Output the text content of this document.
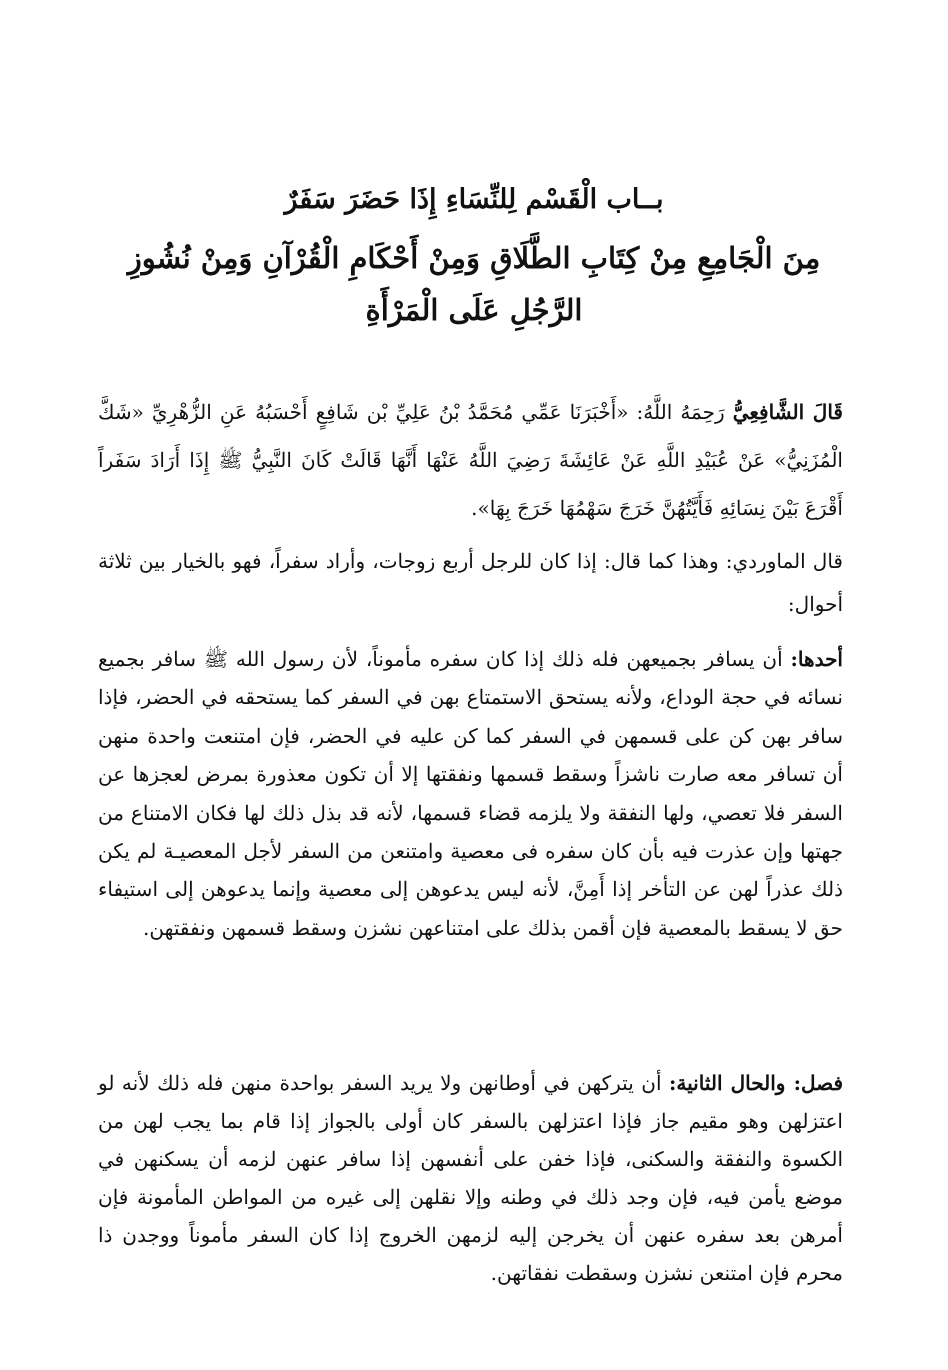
بــاب الْقَسْم لِلنِّسَاءِ إِذَا حَضَرَ سَفَرٌ
مِنَ الْجَامِعِ مِنْ كِتَابِ الطَّلَاقِ وَمِنْ أَحْكَامِ الْقُرْآنِ وَمِنْ نُشُوزِ الرَّجُلِ عَلَى الْمَرْأَةِ
قَالَ الشَّافِعِيُّ رَحِمَهُ اللَّهُ: «أَخْبَرَنَا عَمِّي مُحَمَّدُ بْنُ عَلِيِّ بْن شَافِعٍ أَحْسَبُهُ عَنِ الزُّهْرِيِّ «شَكَّ الْمُزَنِيُّ» عَنْ عُبَيْدِ اللَّهِ عَنْ عَائِشَةَ رَضِيَ اللَّهُ عَنْهَا أَنَّهَا قَالَتْ كَانَ النَّبِيُّ ﷺ إِذَا أَرَادَ سَفَراً أَقْرَعَ بَيْنَ نِسَائِهِ فَأَيَّتُهُنَّ خَرَجَ سَهْمُهَا خَرَجَ بِهَا».
قال الماوردي: وهذا كما قال: إذا كان للرجل أربع زوجات، وأراد سفراً، فهو بالخيار بين ثلاثة أحوال:
أحدها: أن يسافر بجميعهن فله ذلك إذا كان سفره مأموناً، لأن رسول الله ﷺ سافر بجميع نسائه في حجة الوداع، ولأنه يستحق الاستمتاع بهن في السفر كما يستحقه في الحضر، فإذا سافر بهن كن على قسمهن في السفر كما كن عليه في الحضر، فإن امتنعت واحدة منهن أن تسافر معه صارت ناشزاً وسقط قسمها ونفقتها إلا أن تكون معذورة بمرض لعجزها عن السفر فلا تعصي، ولها النفقة ولا يلزمه قضاء قسمها، لأنه قد بذل ذلك لها فكان الامتناع من جهتها وإن عذرت فيه بأن كان سفره فى معصية وامتنعن من السفر لأجل المعصيـة لم يكن ذلك عذراً لهن عن التأخر إذا أَمِنَّ، لأنه ليس يدعوهن إلى معصية وإنما يدعوهن إلى استيفاء حق لا يسقط بالمعصية فإن أقمن بذلك على امتناعهن نشزن وسقط قسمهن ونفقتهن.
فصل: والحال الثانية: أن يتركهن في أوطانهن ولا يريد السفر بواحدة منهن فله ذلك لأنه لو اعتزلهن وهو مقيم جاز فإذا اعتزلهن بالسفر كان أولى بالجواز إذا قام بما يجب لهن من الكسوة والنفقة والسكنى، فإذا خفن على أنفسهن إذا سافر عنهن لزمه أن يسكنهن في موضع يأمن فيه، فإن وجد ذلك في وطنه وإلا نقلهن إلى غيره من المواطن المأمونة فإن أمرهن بعد سفره عنهن أن يخرجن إليه لزمهن الخروج إذا كان السفر مأموناً ووجدن ذا محرم فإن امتنعن نشزن وسقطت نفقاتهن.
